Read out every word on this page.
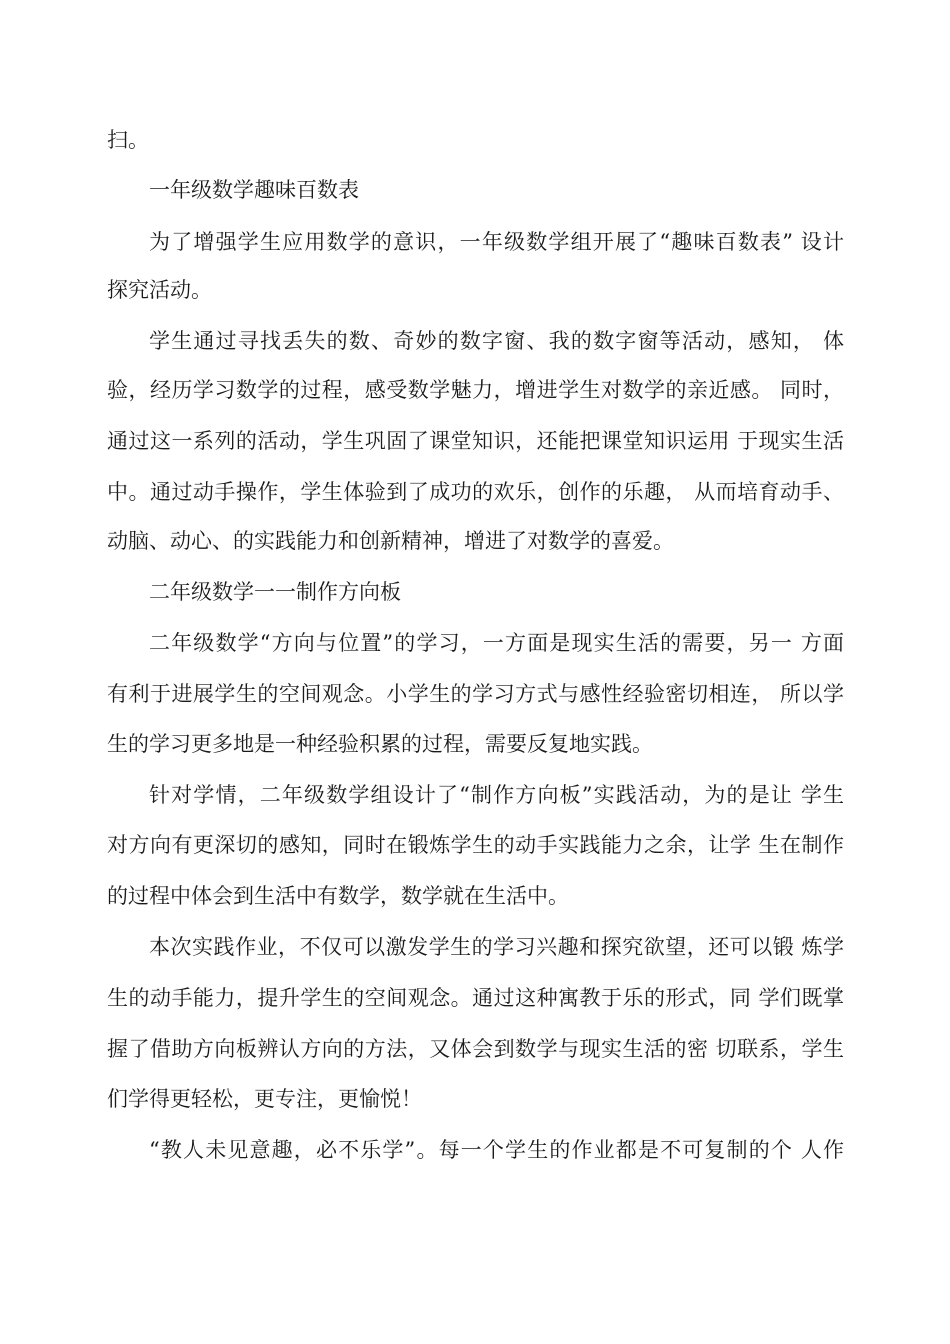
扫。
一年级数学趣味百数表
为了增强学生应用数学的意识，一年级数学组开展了“趣味百数表” 设计
探究活动。
学生通过寻找丢失的数、奇妙的数字窗、我的数字窗等活动，感知， 体
验，经历学习数学的过程，感受数学魅力，增进学生对数学的亲近感。 同时，
通过这一系列的活动，学生巩固了课堂知识，还能把课堂知识运用 于现实生活
中。通过动手操作，学生体验到了成功的欢乐，创作的乐趣， 从而培育动手、
动脑、动心、的实践能力和创新精神，增进了对数学的喜爱。
二年级数学一一制作方向板
二年级数学“方向与位置”的学习，一方面是现实生活的需要，另一 方面
有利于进展学生的空间观念。小学生的学习方式与感性经验密切相连， 所以学
生的学习更多地是一种经验积累的过程，需要反复地实践。
针对学情，二年级数学组设计了“制作方向板”实践活动，为的是让 学生
对方向有更深切的感知，同时在锻炼学生的动手实践能力之余，让学 生在制作
的过程中体会到生活中有数学，数学就在生活中。
本次实践作业，不仅可以激发学生的学习兴趣和探究欲望，还可以锻 炼学
生的动手能力，提升学生的空间观念。通过这种寓教于乐的形式，同 学们既掌
握了借助方向板辨认方向的方法，又体会到数学与现实生活的密 切联系，学生
们学得更轻松，更专注，更愉悦！
“教人未见意趣，必不乐学”。每一个学生的作业都是不可复制的个 人作
